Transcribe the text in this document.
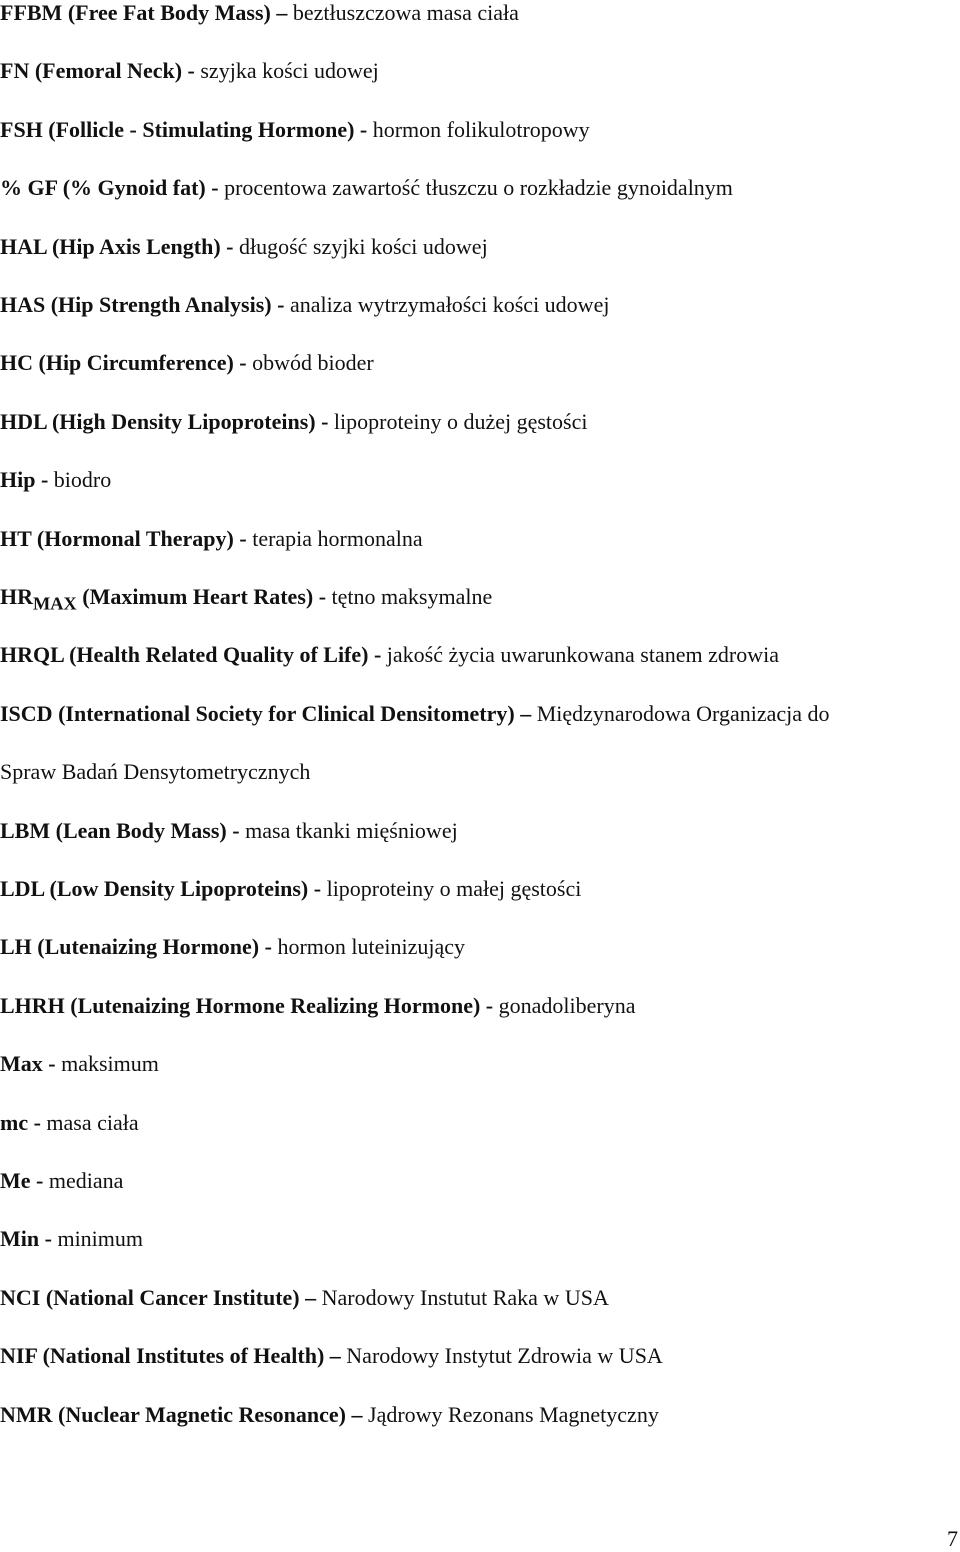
FFBM (Free Fat Body Mass) – beztłuszczowa masa ciała
FN (Femoral Neck) - szyjka kości udowej
FSH (Follicle - Stimulating Hormone) - hormon folikulotropowy
% GF (% Gynoid fat) - procentowa zawartość tłuszczu o rozkładzie gynoidalnym
HAL (Hip Axis Length) - długość szyjki kości udowej
HAS (Hip Strength Analysis) - analiza wytrzymałości kości udowej
HC (Hip Circumference) - obwód bioder
HDL (High Density Lipoproteins) - lipoproteiny o dużej gęstości
Hip - biodro
HT (Hormonal Therapy) - terapia hormonalna
$HR_{MAX}$ (Maximum Heart Rates) - tętno maksymalne
HRQL (Health Related Quality of Life) - jakość życia uwarunkowana stanem zdrowia
ISCD (International Society for Clinical Densitometry) – Międzynarodowa Organizacja do
Spraw Badań Densytometrycznych
LBM (Lean Body Mass) - masa tkanki mięśniowej
LDL (Low Density Lipoproteins) - lipoproteiny o małej gęstości
LH (Lutenaizing Hormone) - hormon luteinizujący
LHRH (Lutenaizing Hormone Realizing Hormone) - gonadoliberyna
Max - maksimum
mc - masa ciała
Me - mediana
Min - minimum
NCI (National Cancer Institute) – Narodowy Instutut Raka w USA
NIF (National Institutes of Health) – Narodowy Instytut Zdrowia w USA
NMR (Nuclear Magnetic Resonance) – Jądrowy Rezonans Magnetyczny
7
